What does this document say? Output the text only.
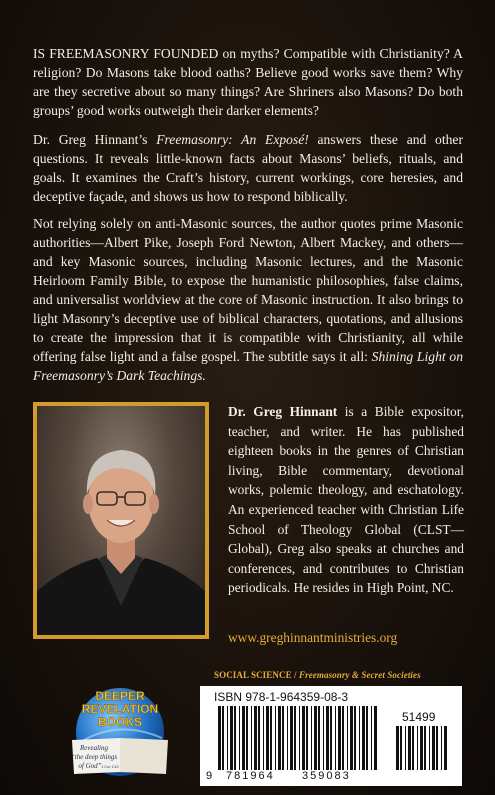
IS FREEMASONRY FOUNDED on myths? Compatible with Christianity? A religion? Do Masons take blood oaths? Believe good works save them? Why are they secretive about so many things? Are Shriners also Masons? Do both groups’ good works outweigh their darker elements?

Dr. Greg Hinnant’s Freemasonry: An Exposé! answers these and other questions. It reveals little-known facts about Masons’ beliefs, rituals, and goals. It examines the Craft’s history, current workings, core heresies, and deceptive façade, and shows us how to respond biblically.

Not relying solely on anti-Masonic sources, the author quotes prime Masonic authorities—Albert Pike, Joseph Ford Newton, Albert Mackey, and others—and key Masonic sources, including Masonic lectures, and the Masonic Heirloom Family Bible, to expose the humanistic philosophies, false claims, and universalist worldview at the core of Masonic instruction. It also brings to light Masonry’s deceptive use of biblical characters, quotations, and allusions to create the impression that it is compatible with Christianity, all while offering false light and a false gospel. The subtitle says it all: Shining Light on Freemasonry’s Dark Teachings.

Dr. Greg Hinnant is a Bible expositor, teacher, and writer. He has published eighteen books in the genres of Christian living, Bible commentary, devotional works, polemic theology, and eschatology. An experienced teacher with Christian Life School of Theology Global (CLST—Global), Greg also speaks at churches and conferences, and contributes to Christian periodicals. He resides in High Point, NC.

www.greghinnantministries.org
SOCIAL SCIENCE / Freemasonry & Secret Societies
DEEPER
REVELATION
BOOKS
Revealing
“the deep things
of God” 1 Cor. 2:10
ISBN 978-1-964359-08-3
51499
9 781964 359083
